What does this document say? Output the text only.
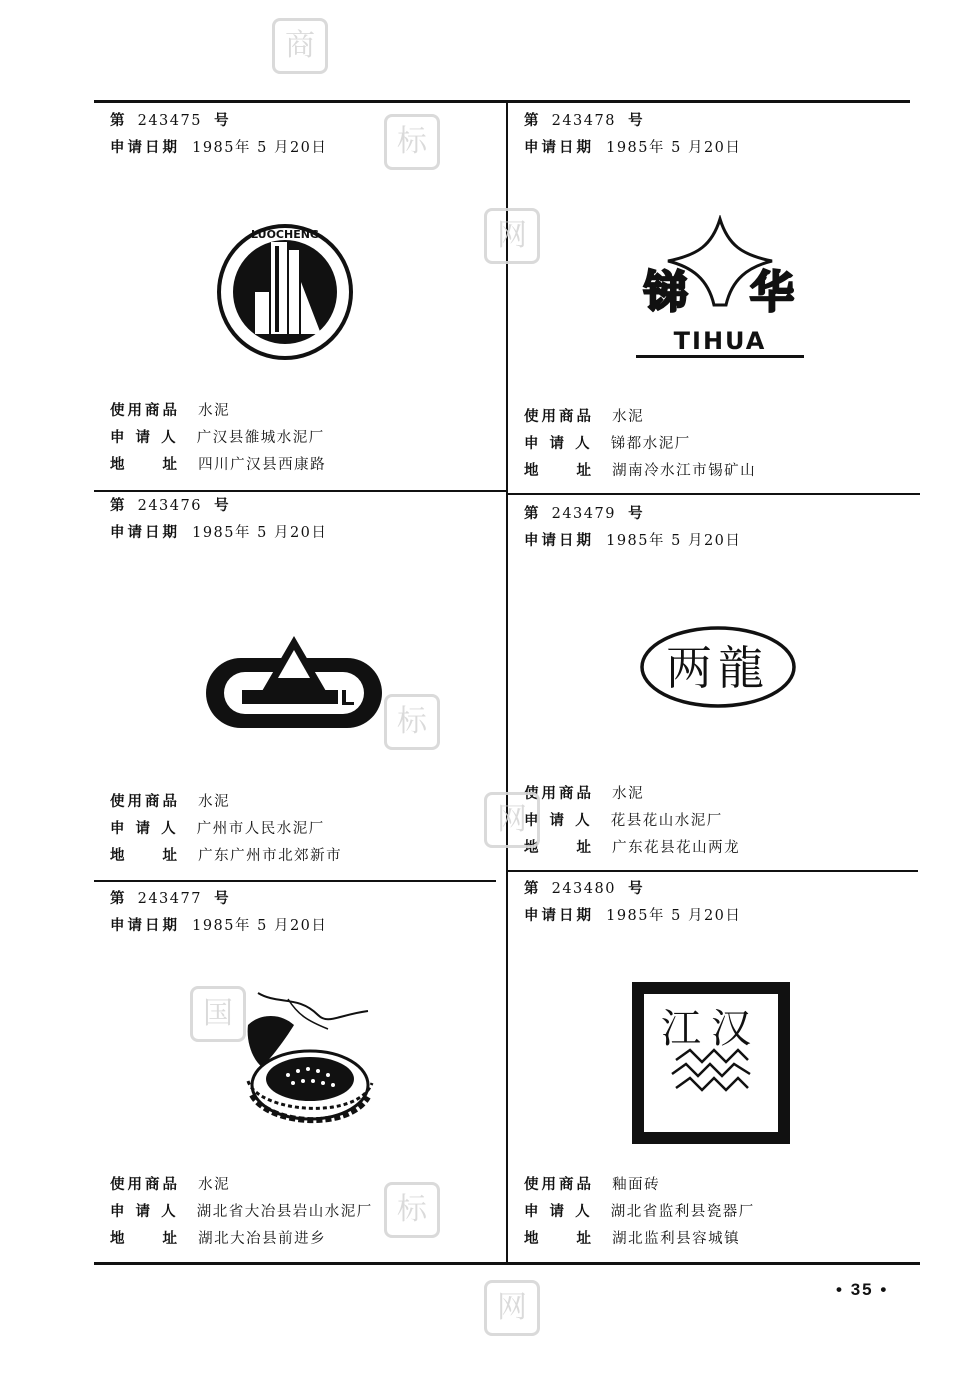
第 243475 号
申请日期 1985年 5 月20日
使用商品 水泥
申 请 人 广汉县雒城水泥厂
地　　址 四川广汉县西康路
LUOCHENG
第 243476 号
申请日期 1985年 5 月20日
使用商品 水泥
申 请 人 广州市人民水泥厂
地　　址 广东广州市北郊新市
第 243477 号
申请日期 1985年 5 月20日
使用商品 水泥
申 请 人 湖北省大冶县岩山水泥厂
地　　址 湖北大冶县前进乡
第 243478 号
申请日期 1985年 5 月20日
使用商品 水泥
申 请 人 锑都水泥厂
地　　址 湖南冷水江市锡矿山
锑 华
TIHUA
第 243479 号
申请日期 1985年 5 月20日
使用商品 水泥
申 请 人 花县花山水泥厂
地　　址 广东花县花山两龙
两龍
第 243480 号
申请日期 1985年 5 月20日
使用商品 釉面砖
申 请 人 湖北省监利县瓷器厂
地　　址 湖北监利县容城镇
江汉
商
标
网
标
网
国
标
网
• 35 •
